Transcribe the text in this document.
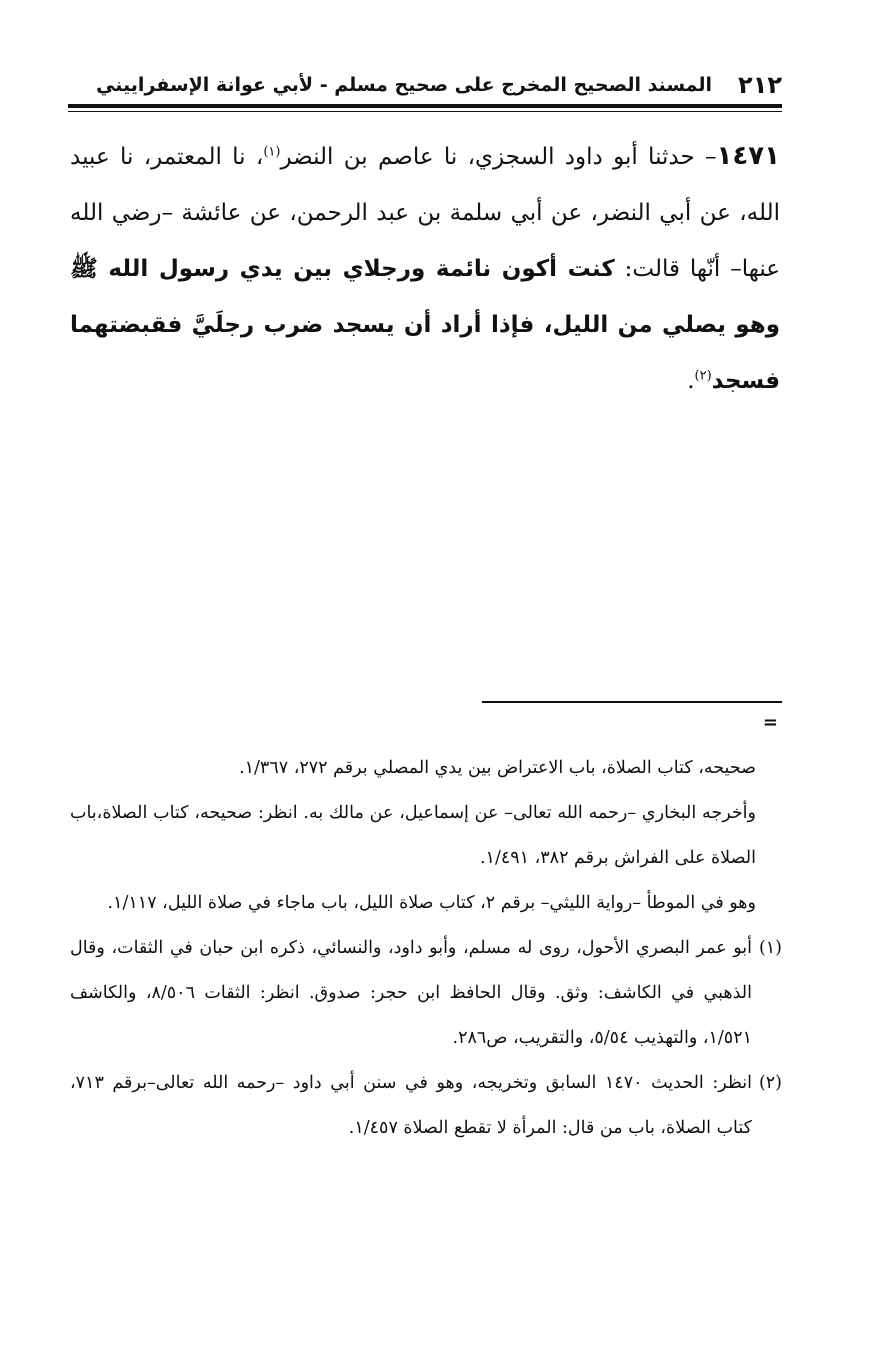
٢١٢
المسند الصحيح المخرج على صحيح مسلم - لأبي عوانة الإسفراييني
١٤٧١– حدثنا أبو داود السجزي، نا عاصم بن النضر$^{(١)}$، نا المعتمر، نا عبيد الله، عن أبي النضر، عن أبي سلمة بن عبد الرحمن، عن عائشة –رضي الله عنها– أنّها قالت: كنت أكون نائمة ورجلاي بين يدي رسول الله ﷺ وهو يصلي من الليل، فإذا أراد أن يسجد ضرب رجلَيَّ فقبضتهما فسجد$^{(٢)}$.
=

صحيحه، كتاب الصلاة، باب الاعتراض بين يدي المصلي برقم ٢٧٢، ١/٣٦٧.

وأخرجه البخاري –رحمه الله تعالى– عن إسماعيل، عن مالك به. انظر: صحيحه، كتاب الصلاة،باب الصلاة على الفراش برقم ٣٨٢، ١/٤٩١.

وهو في الموطأ –رواية الليثي– برقم ٢، كتاب صلاة الليل، باب ماجاء في صلاة الليل، ١/١١٧.

(١)
أبو عمر البصري الأحول، روى له مسلم، وأبو داود، والنسائي، ذكره ابن حبان في الثقات، وقال الذهبي في الكاشف: وثق. وقال الحافظ ابن حجر: صدوق. انظر: الثقات ٨/٥٠٦، والكاشف ١/٥٢١، والتهذيب ٥/٥٤، والتقريب، ص٢٨٦.
(٢)
انظر: الحديث ١٤٧٠ السابق وتخريجه، وهو في سنن أبي داود –رحمه الله تعالى–برقم ٧١٣، كتاب الصلاة، باب من قال: المرأة لا تقطع الصلاة ١/٤٥٧.
